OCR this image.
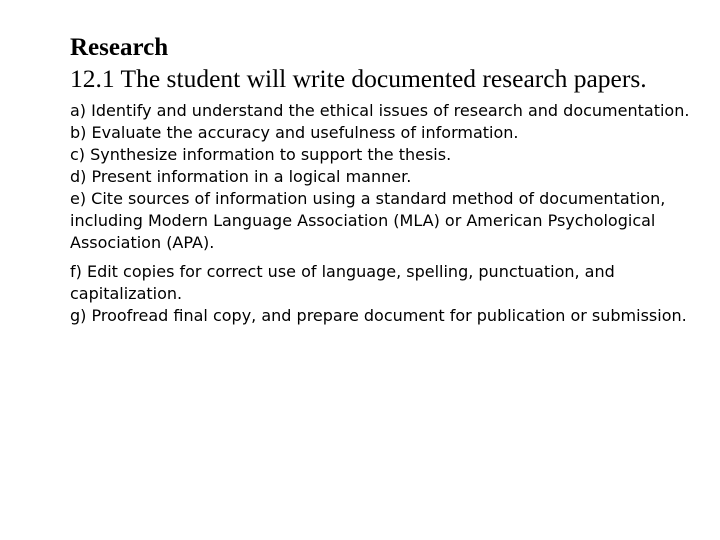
Research
12.1 The student will write documented research papers.
a) Identify and understand the ethical issues of research and documentation.
b) Evaluate the accuracy and usefulness of information.
c) Synthesize information to support the thesis.
d) Present information in a logical manner.
e) Cite sources of information using a standard method of documentation, including Modern Language Association (MLA) or American Psychological Association (APA).
f) Edit copies for correct use of language, spelling, punctuation, and capitalization.
g) Proofread final copy, and prepare document for publication or submission.
